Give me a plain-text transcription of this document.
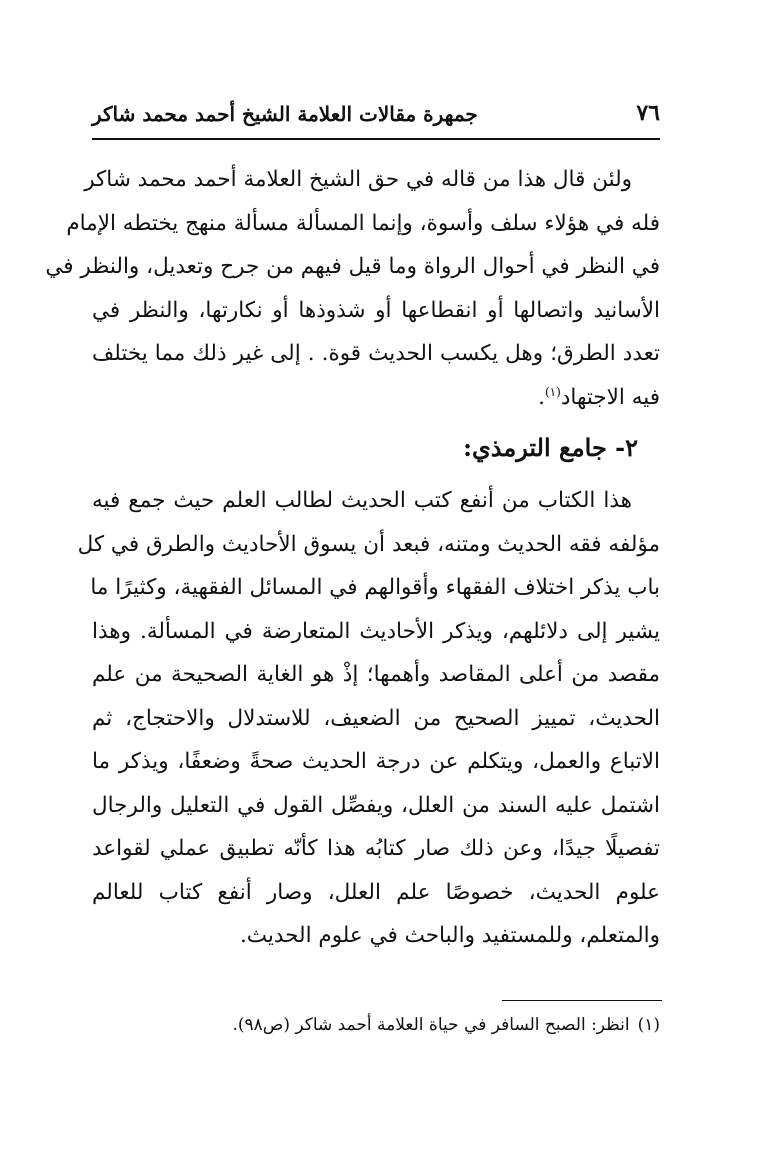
٧٦
جمهرة مقالات العلامة الشيخ أحمد محمد شاكر
ولئن قال هذا من قاله في حق الشيخ العلامة أحمد محمد شاكر
فله في هؤلاء سلف وأسوة، وإنما المسألة مسألة منهج يختطه الإمام
في النظر في أحوال الرواة وما قيل فيهم من جرح وتعديل، والنظر في
الأسانيد واتصالها أو انقطاعها أو شذوذها أو نكارتها، والنظر في
تعدد الطرق؛ وهل يكسب الحديث قوة. . إلى غير ذلك مما يختلف
فيه الاجتهاد$^{(١)}$.
٢- جامع الترمذي:
هذا الكتاب من أنفع كتب الحديث لطالب العلم حيث جمع فيه
مؤلفه فقه الحديث ومتنه، فبعد أن يسوق الأحاديث والطرق في كل
باب يذكر اختلاف الفقهاء وأقوالهم في المسائل الفقهية، وكثيرًا ما
يشير إلى دلائلهم، ويذكر الأحاديث المتعارضة في المسألة. وهذا
مقصد من أعلى المقاصد وأهمها؛ إذْ هو الغاية الصحيحة من علم
الحديث، تمييز الصحيح من الضعيف، للاستدلال والاحتجاج، ثم
الاتباع والعمل، ويتكلم عن درجة الحديث صحةً وضعفًا، ويذكر ما
اشتمل عليه السند من العلل، ويفصِّل القول في التعليل والرجال
تفصيلًا جيدًا، وعن ذلك صار كتابُه هذا كأنّه تطبيق عملي لقواعد
علوم الحديث، خصوصًا علم العلل، وصار أنفع كتاب للعالم
والمتعلم، وللمستفيد والباحث في علوم الحديث.
(١)انظر: الصبح السافر في حياة العلامة أحمد شاكر (ص٩٨).
